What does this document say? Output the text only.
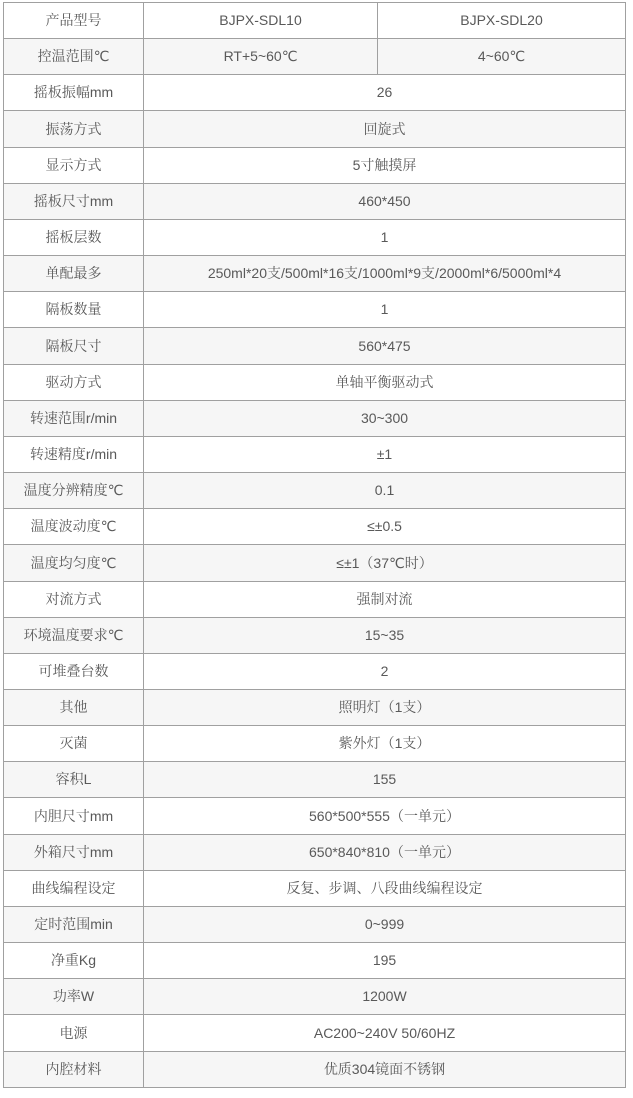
产品型号	BJPX-SDL10	BJPX-SDL20
控温范围℃	RT+5~60℃	4~60℃
摇板振幅mm	26	
振荡方式	回旋式	
显示方式	5寸触摸屏	
摇板尺寸mm	460*450	
摇板层数	1	
单配最多	250ml*20支/500ml*16支/1000ml*9支/2000ml*6/5000ml*4	
隔板数量	1	
隔板尺寸	560*475	
驱动方式	单轴平衡驱动式	
转速范围r/min	30~300	
转速精度r/min	±1	
温度分辨精度℃	0.1	
温度波动度℃	≤±0.5	
温度均匀度℃	≤±1（37℃时）	
对流方式	强制对流	
环境温度要求℃	15~35	
可堆叠台数	2	
其他	照明灯（1支）	
灭菌	紫外灯（1支）	
容积L	155	
内胆尺寸mm	560*500*555（一单元）	
外箱尺寸mm	650*840*810（一单元）	
曲线编程设定	反复、步调、八段曲线编程设定	
定时范围min	0~999	
净重Kg	195	
功率W	1200W	
电源	AC200~240V 50/60HZ	
内腔材料	优质304镜面不锈钢	
